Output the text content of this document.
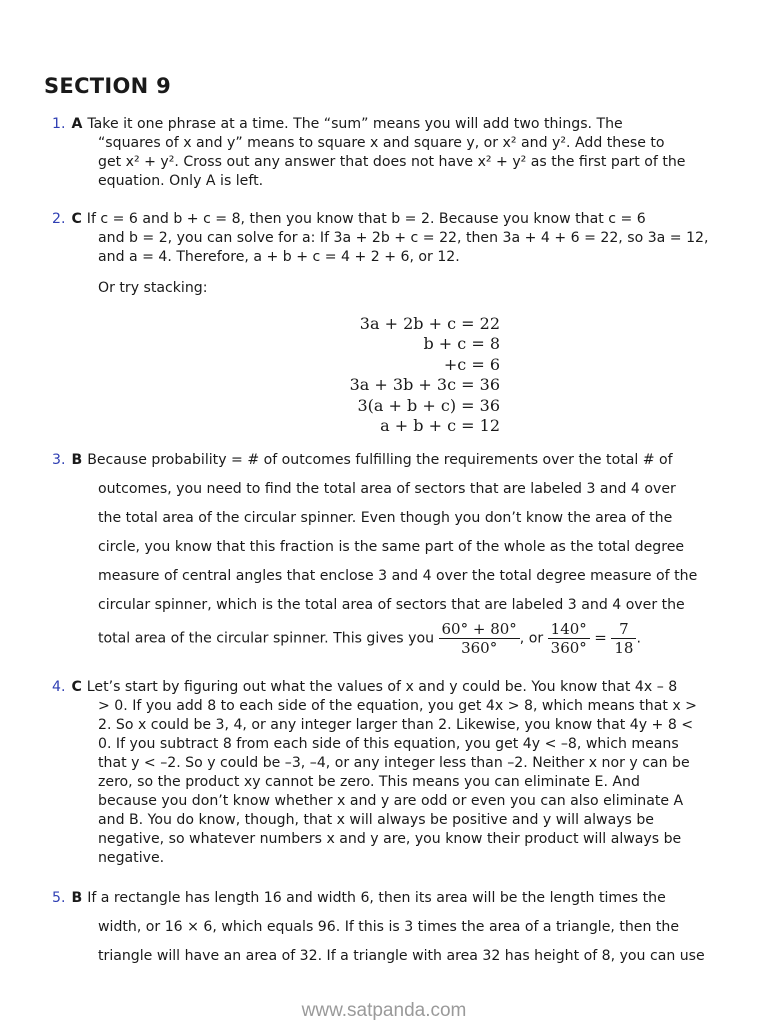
SECTION 9
1. A Take it one phrase at a time. The “sum” means you will add two things. The
“squares of x and y” means to square x and square y, or x² and y². Add these to
get x² + y². Cross out any answer that does not have x² + y² as the first part of the
equation. Only A is left.
2. C If c = 6 and b + c = 8, then you know that b = 2. Because you know that c = 6
and b = 2, you can solve for a: If 3a + 2b + c = 22, then 3a + 4 + 6 = 22, so 3a = 12,
and a = 4. Therefore, a + b + c = 4 + 2 + 6, or 12.
Or try stacking:
3a + 2b + c = 22
b + c = 8
+c = 6
3a + 3b + 3c = 36
3(a + b + c) = 36
a + b + c = 12
3. B Because probability = # of outcomes fulfilling the requirements over the total # of
outcomes, you need to find the total area of sectors that are labeled 3 and 4 over
the total area of the circular spinner. Even though you don’t know the area of the
circle, you know that this fraction is the same part of the whole as the total degree
measure of central angles that enclose 3 and 4 over the total degree measure of the
circular spinner, which is the total area of sectors that are labeled 3 and 4 over the
total area of the circular spinner. This gives you $\frac{60^\circ + 80^\circ}{360^\circ}$ , or $\frac{140^\circ}{360^\circ} = \frac{7}{18}$ .
4. C Let’s start by figuring out what the values of x and y could be. You know that 4x – 8
> 0. If you add 8 to each side of the equation, you get 4x > 8, which means that x >
2. So x could be 3, 4, or any integer larger than 2. Likewise, you know that 4y + 8 <
0. If you subtract 8 from each side of this equation, you get 4y < –8, which means
that y < –2. So y could be –3, –4, or any integer less than –2. Neither x nor y can be
zero, so the product xy cannot be zero. This means you can eliminate E. And
because you don’t know whether x and y are odd or even you can also eliminate A
and B. You do know, though, that x will always be positive and y will always be
negative, so whatever numbers x and y are, you know their product will always be
negative.
5. B If a rectangle has length 16 and width 6, then its area will be the length times the
width, or 16 × 6, which equals 96. If this is 3 times the area of a triangle, then the
triangle will have an area of 32. If a triangle with area 32 has height of 8, you can use
www.satpanda.com
